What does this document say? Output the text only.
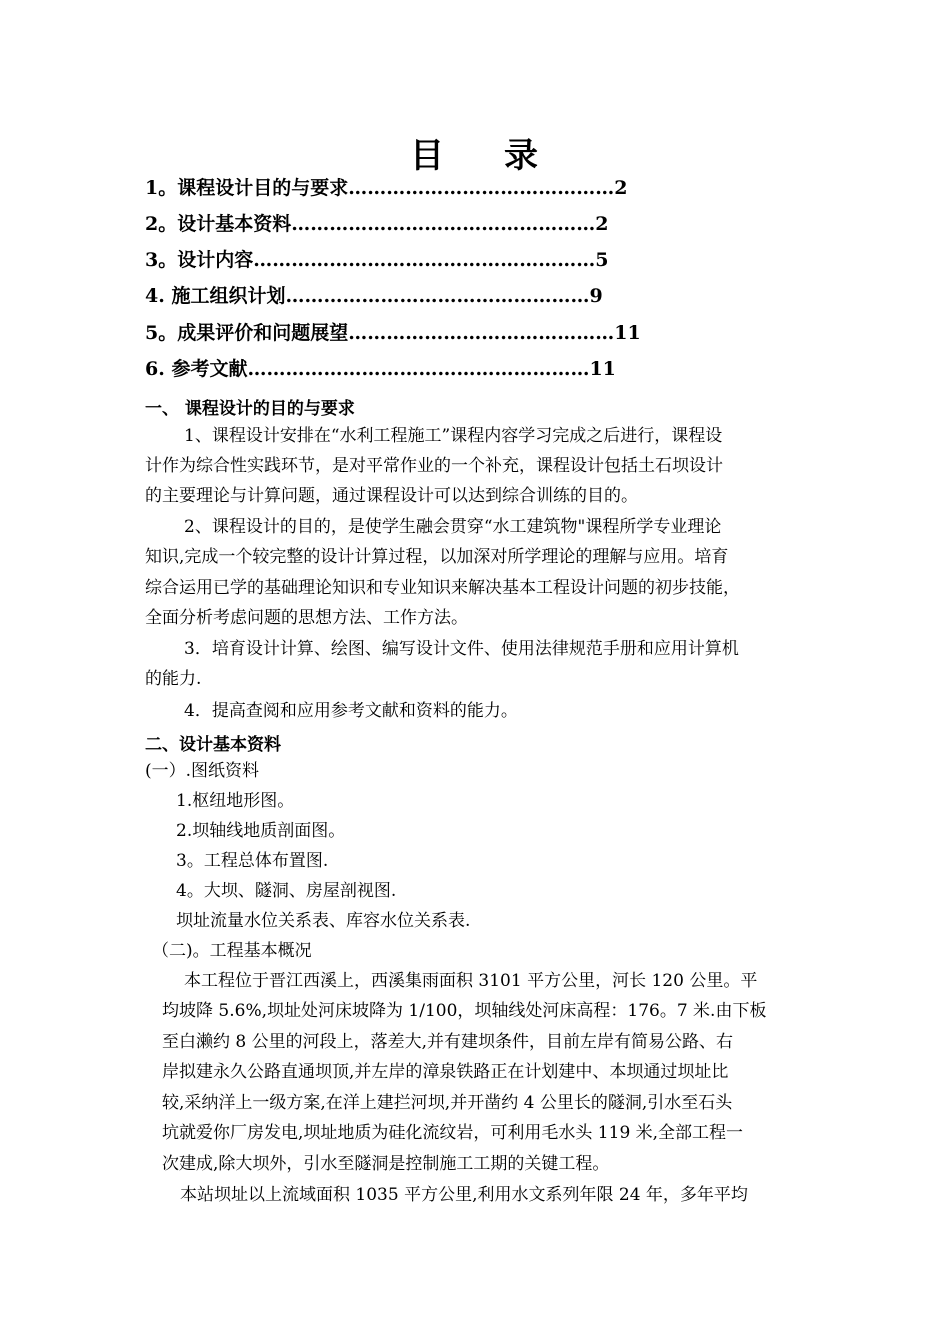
目 录
1。课程设计目的与要求……………………………………2
2。设计基本资料…………………………………………2
3。设计内容………………………………………………5
4. 施工组织计划…………………………………………9
5。成果评价和问题展望……………………………………11
6. 参考文献………………………………………………11
一、 课程设计的目的与要求
1、课程设计安排在“水利工程施工”课程内容学习完成之后进行，课程设
计作为综合性实践环节，是对平常作业的一个补充，课程设计包括土石坝设计
的主要理论与计算问题，通过课程设计可以达到综合训练的目的。
2、课程设计的目的，是使学生融会贯穿“水工建筑物"课程所学专业理论
知识,完成一个较完整的设计计算过程，以加深对所学理论的理解与应用。培育
综合运用已学的基础理论知识和专业知识来解决基本工程设计问题的初步技能，
全面分析考虑问题的思想方法、工作方法。
3．培育设计计算、绘图、编写设计文件、使用法律规范手册和应用计算机
的能力.
4．提高查阅和应用参考文献和资料的能力。
二、设计基本资料
(一）.图纸资料
1.枢纽地形图。
2.坝轴线地质剖面图。
3。工程总体布置图.
4。大坝、隧洞、房屋剖视图.
坝址流量水位关系表、库容水位关系表.
（二)。工程基本概况
本工程位于晋江西溪上，西溪集雨面积 3101 平方公里，河长 120 公里。平
均坡降 5.6%,坝址处河床坡降为 1/100，坝轴线处河床高程：176。7 米.由下板
至白濑约 8 公里的河段上，落差大,并有建坝条件，目前左岸有简易公路、右
岸拟建永久公路直通坝顶,并左岸的漳泉铁路正在计划建中、本坝通过坝址比
较,采纳洋上一级方案,在洋上建拦河坝,并开凿约 4 公里长的隧洞,引水至石头
坑就爱你厂房发电,坝址地质为硅化流纹岩，可利用毛水头 119 米,全部工程一
次建成,除大坝外，引水至隧洞是控制施工工期的关键工程。
本站坝址以上流域面积 1035 平方公里,利用水文系列年限 24 年，多年平均
